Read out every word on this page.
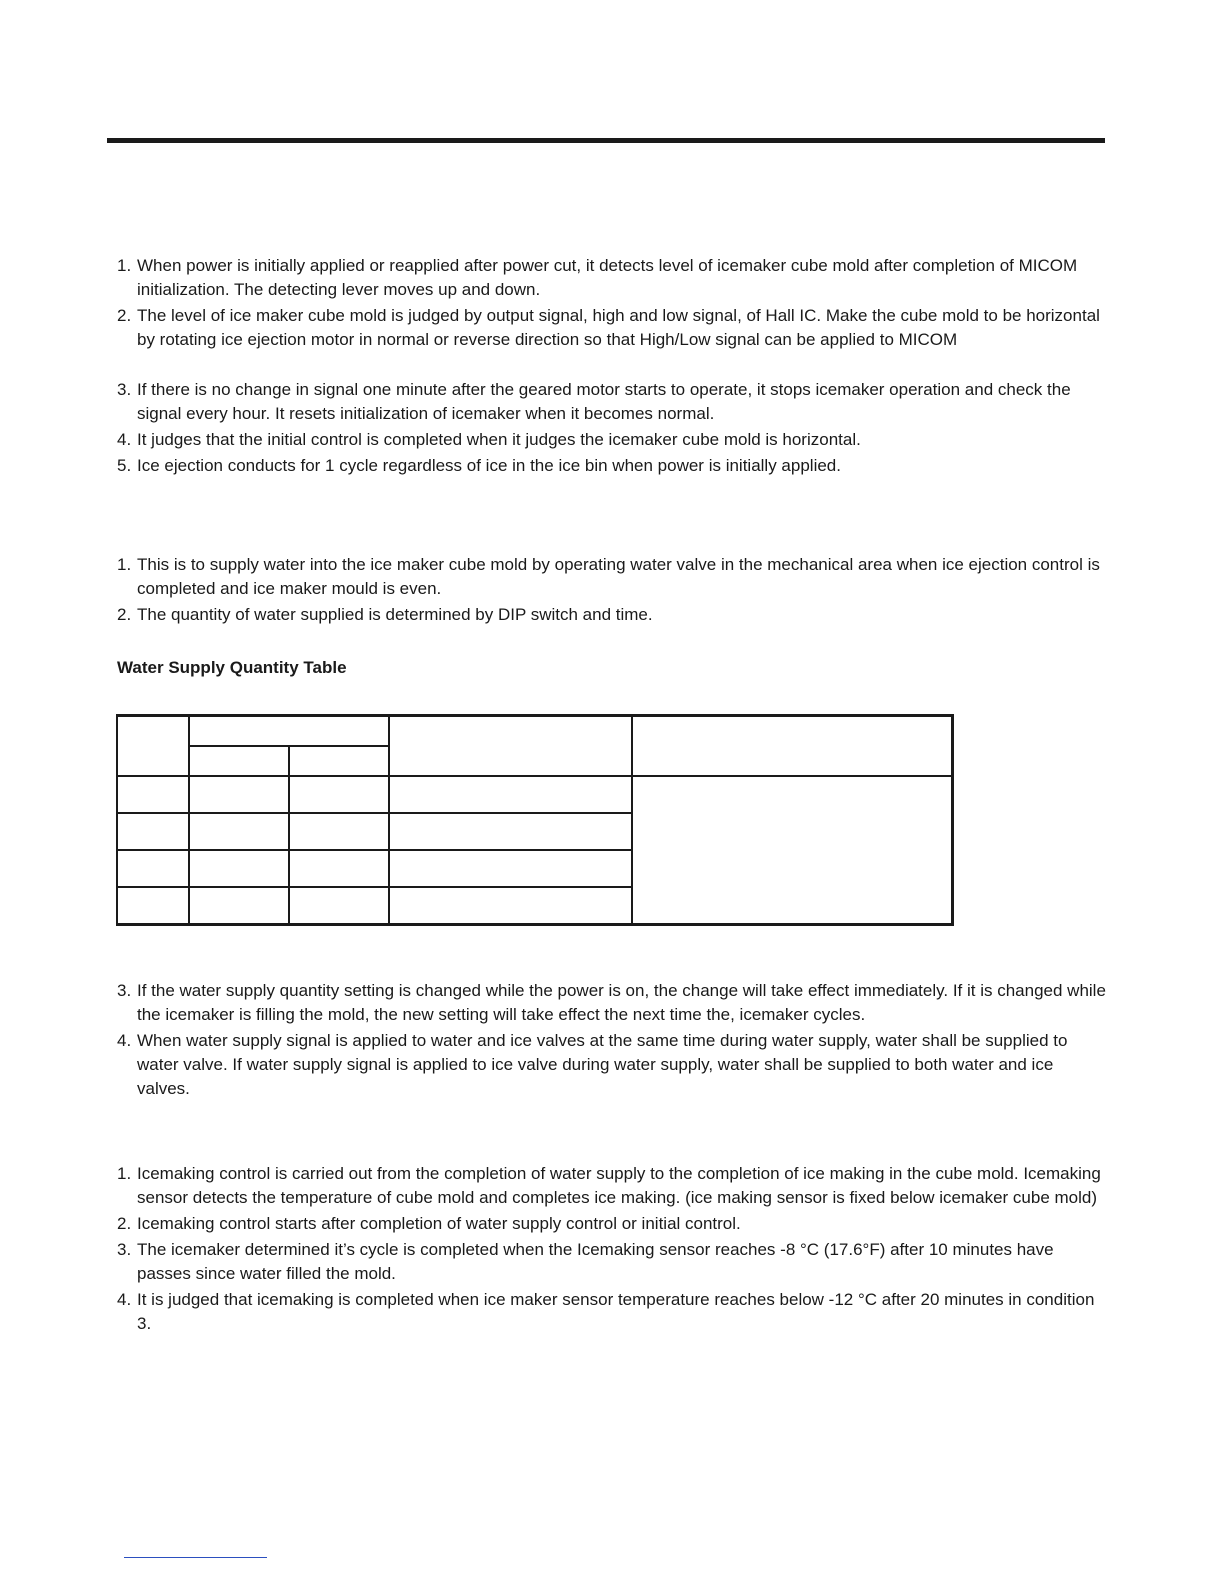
1. When power is initially applied or reapplied after power cut, it detects level of icemaker cube mold after completion of MICOM initialization. The detecting lever moves up and down.
2. The level of ice maker cube mold is judged by output signal, high and low signal, of Hall IC. Make the cube mold to be horizontal by rotating ice ejection motor in normal or reverse direction so that High/Low signal can be applied to MICOM
3. If there is no change in signal one minute after the geared motor starts to operate, it stops icemaker operation and check the signal every hour. It resets initialization of icemaker when it becomes normal.
4. It judges that the initial control is completed when it judges the icemaker cube mold is horizontal.
5. Ice ejection conducts for 1 cycle regardless of ice in the ice bin when power is initially applied.
1. This is to supply water into the ice maker cube mold by operating water valve in the mechanical area when ice ejection control is completed and ice maker mould is even.
2. The quantity of water supplied is determined by DIP switch and time.
Water Supply Quantity Table

3. If the water supply quantity setting is changed while the power is on, the change will take effect immediately. If it is changed while the icemaker is filling the mold, the new setting will take effect the next time the, icemaker cycles.
4. When water supply signal is applied to water and ice valves at the same time during water supply, water shall be supplied to water valve. If water supply signal is applied to ice valve during water supply, water shall be supplied to both water and ice valves.
1. Icemaking control is carried out from the completion of water supply to the completion of ice making in the cube mold. Icemaking sensor detects the temperature of cube mold and completes ice making. (ice making sensor is fixed below icemaker cube mold)
2. Icemaking control starts after completion of water supply control or initial control.
3. The icemaker determined it’s cycle is completed when the Icemaking sensor reaches -8 °C (17.6°F) after 10 minutes have passes since water filled the mold.
4. It is judged that icemaking is completed when ice maker sensor temperature reaches below -12 °C after 20 minutes in condition 3.
